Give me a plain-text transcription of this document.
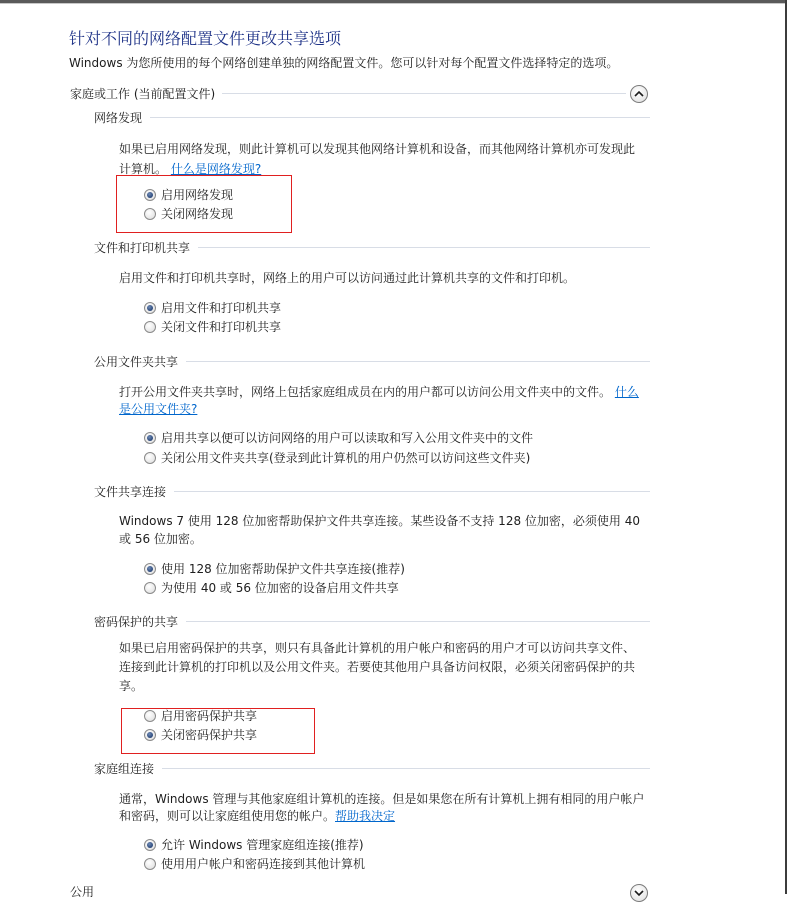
针对不同的网络配置文件更改共享选项
Windows 为您所使用的每个网络创建单独的网络配置文件。您可以针对每个配置文件选择特定的选项。
家庭或工作 (当前配置文件)
网络发现
如果已启用网络发现，则此计算机可以发现其他网络计算机和设备，而其他网络计算机亦可发现此计算机。 什么是网络发现?
启用网络发现
关闭网络发现
文件和打印机共享
启用文件和打印机共享时，网络上的用户可以访问通过此计算机共享的文件和打印机。
启用文件和打印机共享
关闭文件和打印机共享
公用文件夹共享
打开公用文件夹共享时，网络上包括家庭组成员在内的用户都可以访问公用文件夹中的文件。 什么
是公用文件夹?
启用共享以便可以访问网络的用户可以读取和写入公用文件夹中的文件
关闭公用文件夹共享(登录到此计算机的用户仍然可以访问这些文件夹)
文件共享连接
Windows 7 使用 128 位加密帮助保护文件共享连接。某些设备不支持 128 位加密，必须使用 40
或 56 位加密。
使用 128 位加密帮助保护文件共享连接(推荐)
为使用 40 或 56 位加密的设备启用文件共享
密码保护的共享
如果已启用密码保护的共享，则只有具备此计算机的用户帐户和密码的用户才可以访问共享文件、
连接到此计算机的打印机以及公用文件夹。若要使其他用户具备访问权限，必须关闭密码保护的共
享。
启用密码保护共享
关闭密码保护共享
家庭组连接
通常，Windows 管理与其他家庭组计算机的连接。但是如果您在所有计算机上拥有相同的用户帐户
和密码，则可以让家庭组使用您的帐户。帮助我决定
允许 Windows 管理家庭组连接(推荐)
使用用户帐户和密码连接到其他计算机
公用
